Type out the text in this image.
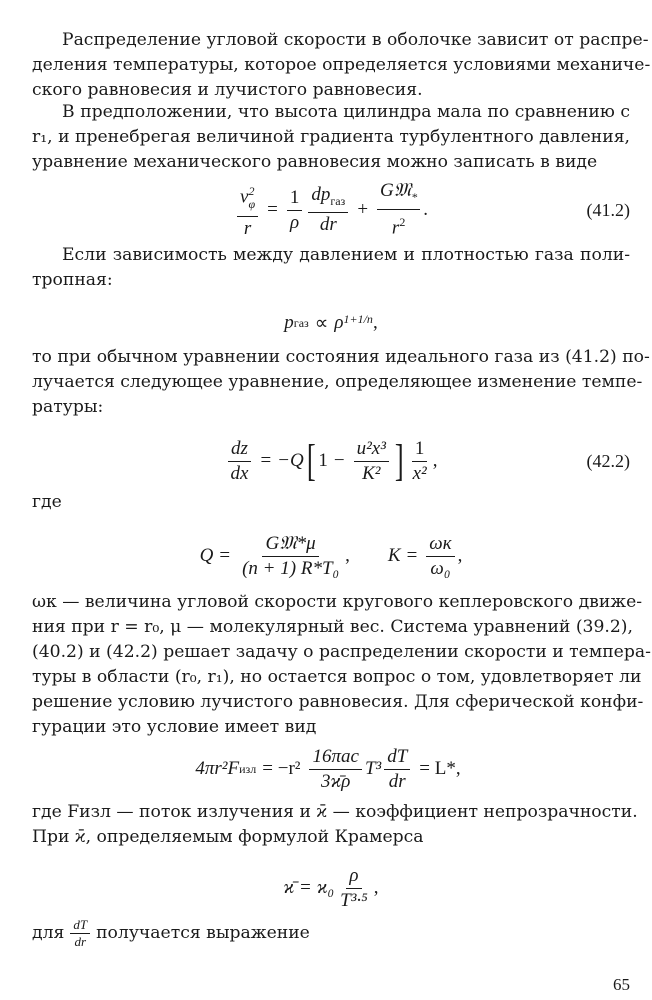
Распределение угловой скорости в оболочке зависит от распре-
деления температуры, которое определяется условиями механиче-
ского равновесия и лучистого равновесия.
В предположении, что высота цилиндра мала по сравнению с
r₁, и пренебрегая величиной градиента турбулентного давления,
уравнение механического равновесия можно записать в виде
$\frac{v^2_\varphi}{r} = \frac{1}{\rho} \frac{dp_{газ}}{dr} + \frac{G𝔐_*}{r^2}$ .	(41.2)
Если зависимость между давлением и плотностью газа поли-
тропная:
p газ ∝ $\rho^{1+1/n}$ ,
то при обычном уравнении состояния идеального газа из (41.2) по-
лучается следующее уравнение, определяющее изменение темпе-
ратуры:
$\frac{dz}{dx} = -Q$ [ $1 - \frac{\text{u²x³}}{\text{K²}}$ ] $\frac{1}{\text{x²}}$ ,	(42.2)
где
$Q = \frac{\text{G𝔐*μ}}{\text{(n + 1) R*T₀}}$ , $K = \frac{\omega к}{\text{ω₀}}$ ,
ωк — величина угловой скорости кругового кеплеровского движе-
ния при r = r₀, μ — молекулярный вес. Система уравнений (39.2),
(40.2) и (42.2) решает задачу о распределении скорости и темпера-
туры в области (r₀, r₁), но остается вопрос о том, удовлетворяет ли
решение условию лучистого равновесия. Для сферической конфи-
гурации это условие имеет вид
4πr²F изл = $-r^2 \frac{\text{16πac}}{3ϰ̄\rho} T^3 \frac{dT}{dr} = L*$,
где Fизл — поток излучения и ϰ̄ — коэффициент непрозрачности.
При ϰ̄, определяемым формулой Крамерса
ϰ̄ = $ϰ_0 \frac{\rho}{\text{T³·⁵}}$ ,
для $\frac{dT}{dr}$ получается выражение
65
